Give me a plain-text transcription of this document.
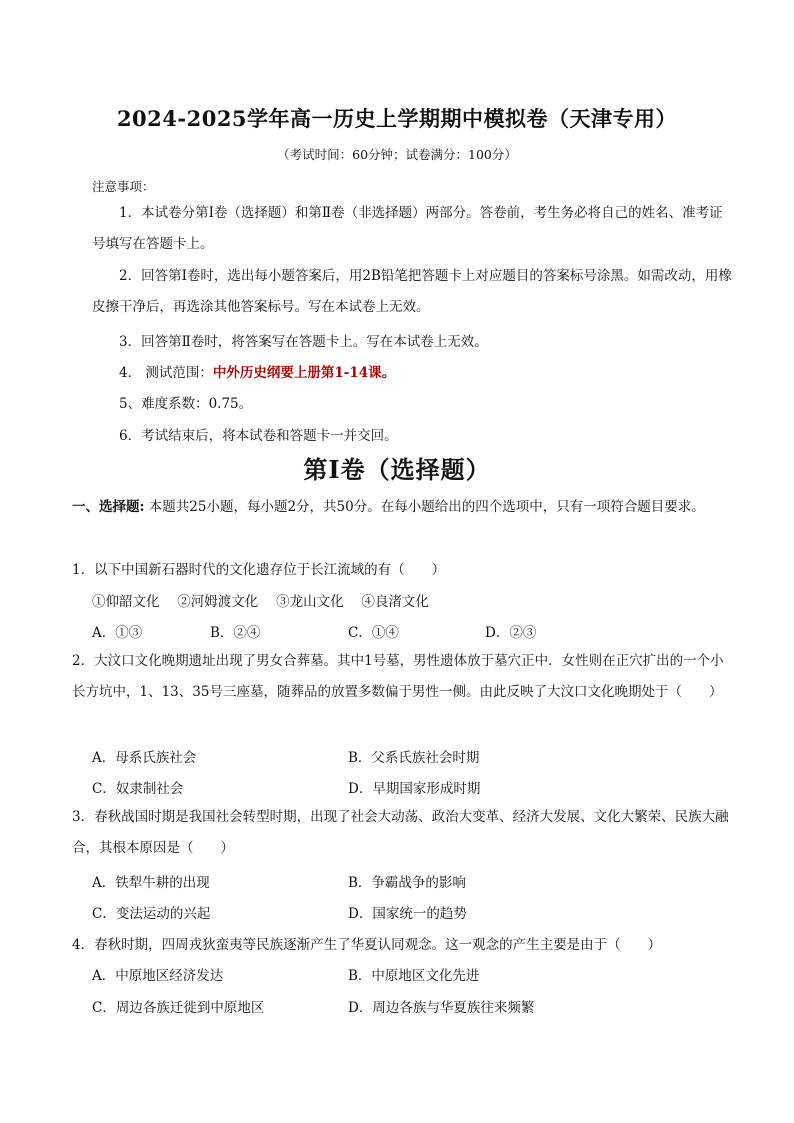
2024-2025学年高一历史上学期期中模拟卷（天津专用）
（考试时间：60分钟；试卷满分：100分）
注意事项：
1．本试卷分第Ⅰ卷（选择题）和第Ⅱ卷（非选择题）两部分。答卷前，考生务必将自己的姓名、准考证号填写在答题卡上。
2．回答第Ⅰ卷时，选出每小题答案后，用2B铅笔把答题卡上对应题目的答案标号涂黑。如需改动，用橡皮擦干净后，再选涂其他答案标号。写在本试卷上无效。
3．回答第Ⅱ卷时，将答案写在答题卡上。写在本试卷上无效。
4． 测试范围：中外历史纲要上册第1-14课。
5、难度系数：0.75。
6．考试结束后，将本试卷和答题卡一并交回。
第Ⅰ卷（选择题）
一、选择题: 本题共25小题，每小题2分，共50分。在每小题给出的四个选项中，只有一项符合题目要求。
1．以下中国新石器时代的文化遗存位于长江流域的有（　　）
①仰韶文化　 ②河姆渡文化　 ③龙山文化　 ④良渚文化
A．①③	B．②④	C．①④	D．②③
2．大汶口文化晚期遗址出现了男女合葬墓。其中1号墓，男性遗体放于墓穴正中．女性则在正穴扩出的一个小长方坑中，1、13、35号三座墓，随葬品的放置多数偏于男性一侧。由此反映了大汶口文化晚期处于（　　）
A．母系氏族社会	B．父系氏族社会时期
C．奴隶制社会	D．早期国家形成时期
3．春秋战国时期是我国社会转型时期，出现了社会大动荡、政治大变革、经济大发展、文化大繁荣、民族大融合，其根本原因是（　　）
A．铁犁牛耕的出现	B．争霸战争的影响
C．变法运动的兴起	D．国家统一的趋势
4．春秋时期，四周戎狄蛮夷等民族逐渐产生了华夏认同观念。这一观念的产生主要是由于（　　）
A．中原地区经济发达	B．中原地区文化先进
C．周边各族迁徙到中原地区	D．周边各族与华夏族往来频繁
